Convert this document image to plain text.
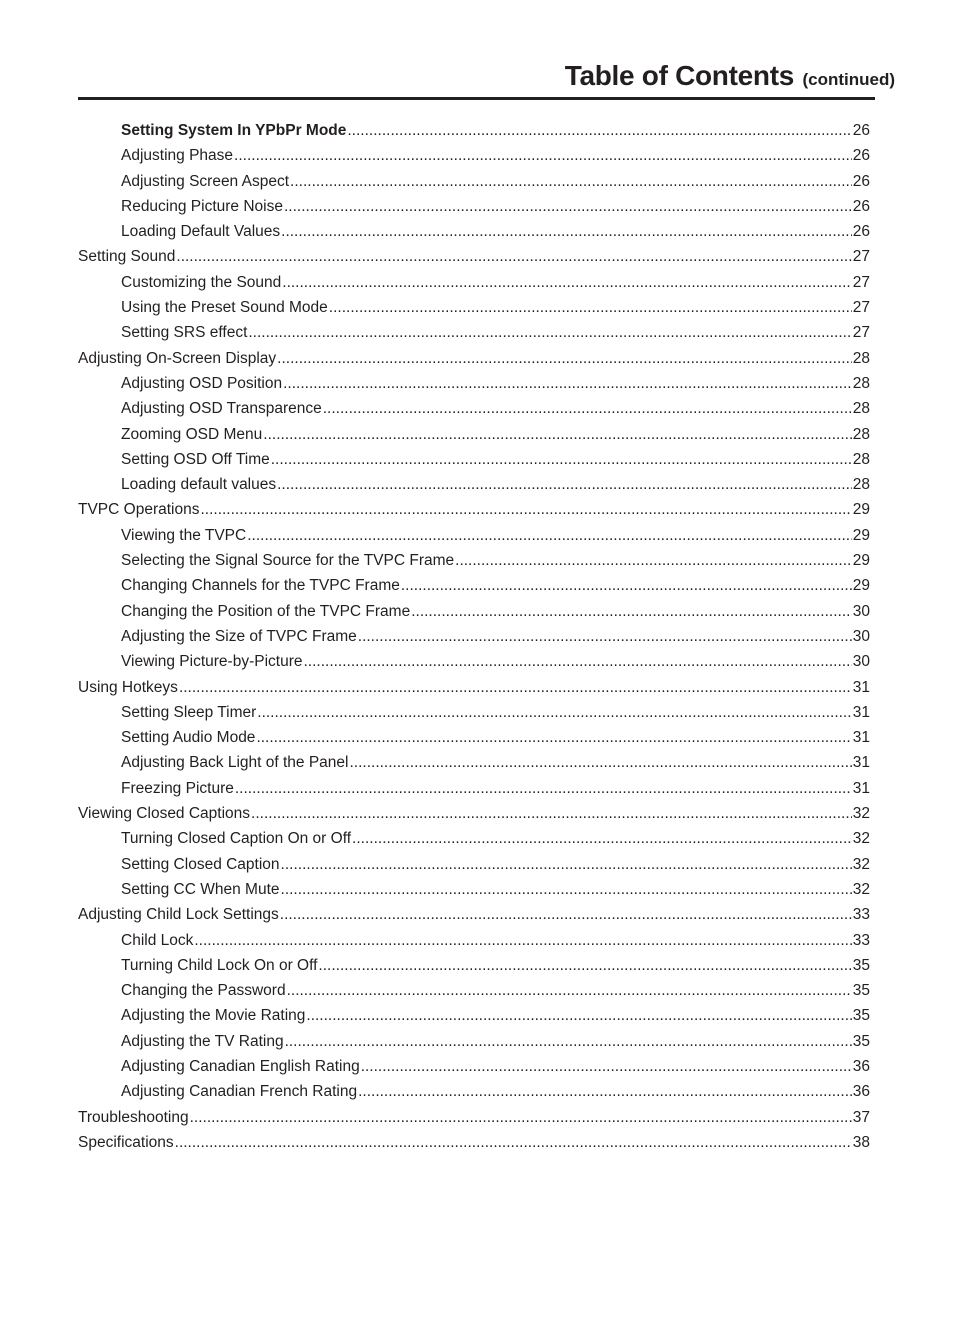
Table of Contents (continued)
Setting System In YPbPr Mode .....	26
Adjusting Phase .....	26
Adjusting Screen Aspect .....	26
Reducing Picture Noise .....	26
Loading Default Values .....	26
Setting Sound .....	27
Customizing the Sound .....	27
Using the Preset Sound Mode .....	27
Setting SRS effect .....	27
Adjusting On-Screen Display .....	28
Adjusting OSD Position .....	28
Adjusting OSD Transparence .....	28
Zooming OSD Menu .....	28
Setting OSD Off Time .....	28
Loading default values .....	28
TVPC Operations .....	29
Viewing the TVPC .....	29
Selecting the Signal Source for the TVPC Frame .....	29
Changing Channels for the TVPC Frame .....	29
Changing the Position of the TVPC Frame .....	30
Adjusting the Size of TVPC Frame .....	30
Viewing Picture-by-Picture .....	30
Using Hotkeys .....	31
Setting Sleep Timer .....	31
Setting Audio Mode .....	31
Adjusting Back Light of the Panel .....	31
Freezing Picture .....	31
Viewing Closed Captions .....	32
Turning Closed Caption On or Off .....	32
Setting Closed Caption .....	32
Setting CC When Mute .....	32
Adjusting Child Lock Settings .....	33
Child Lock .....	33
Turning Child Lock On or Off .....	35
Changing the Password .....	35
Adjusting the Movie Rating .....	35
Adjusting the TV Rating .....	35
Adjusting Canadian English Rating .....	36
Adjusting Canadian French Rating .....	36
Troubleshooting .....	37
Specifications .....	38
